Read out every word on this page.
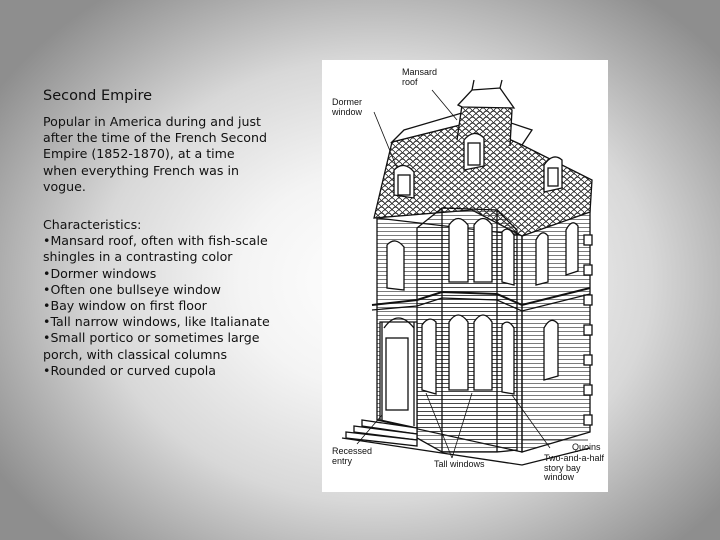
Second Empire
Popular in America during and just after the time of the French Second Empire (1852-1870), at a time when everything French was in vogue.
Characteristics:
• Mansard roof, often with fish-scale shingles in a contrasting color
• Dormer windows
• Often one bullseye window
• Bay window on first floor
• Tall narrow windows, like Italianate
• Small portico or sometimes large porch, with classical columns
• Rounded or curved cupola
Mansard roof
Dormer window
Quoins
Recessed entry	Tall windows
Two-and-a-half story bay window
